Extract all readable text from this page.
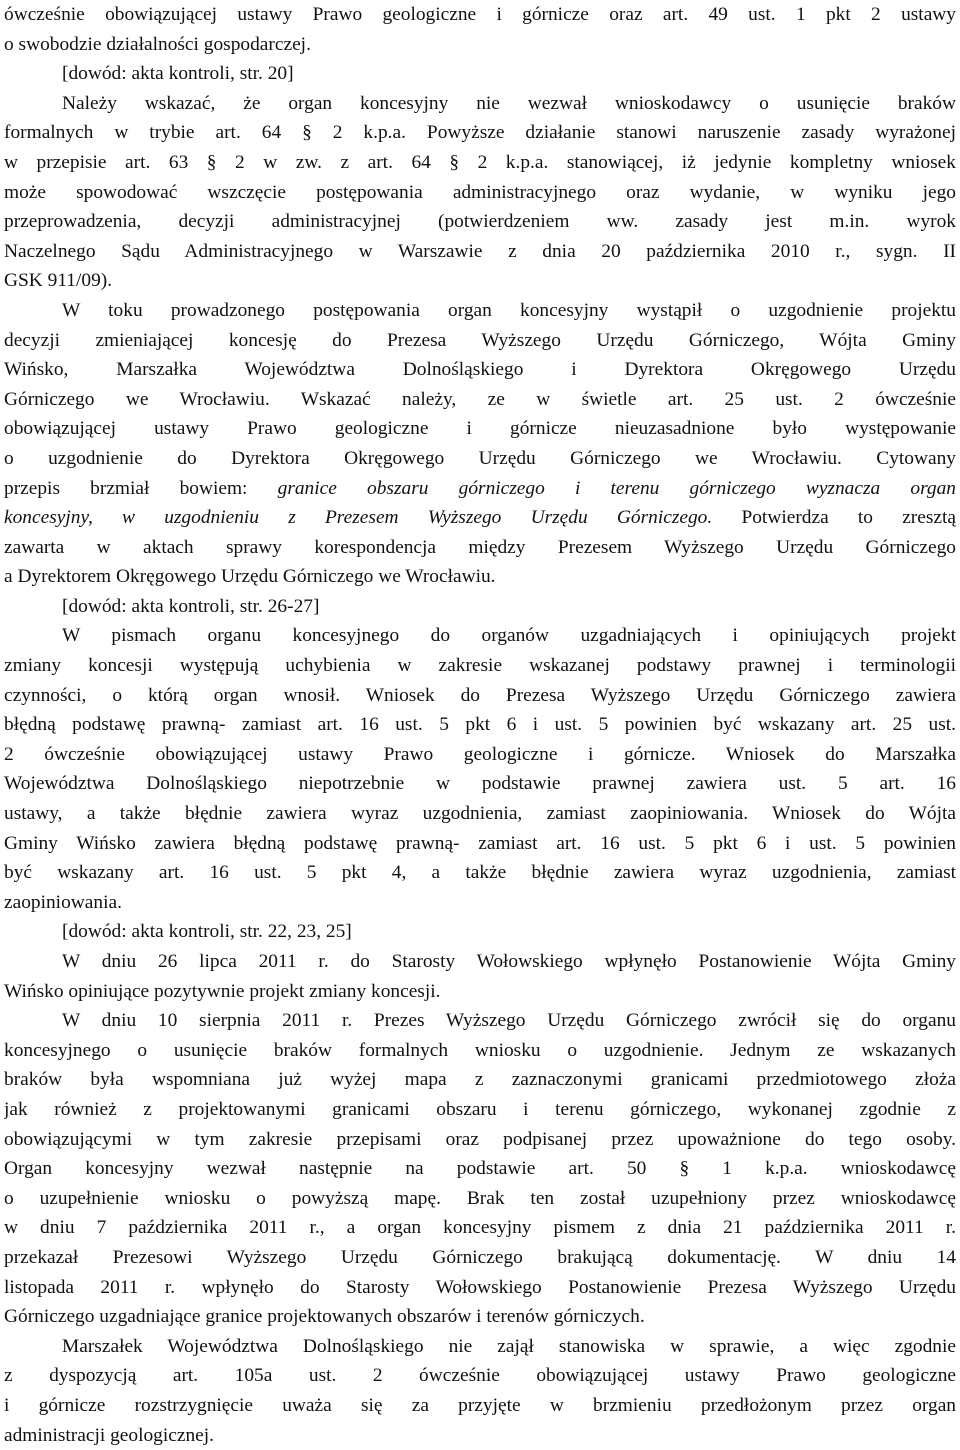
ówcześnie obowiązującej ustawy Prawo geologiczne i górnicze oraz art. 49 ust. 1 pkt 2 ustawy
o swobodzie działalności gospodarczej.
[dowód: akta kontroli, str. 20]
Należy wskazać, że organ koncesyjny nie wezwał wnioskodawcy o usunięcie braków
formalnych w trybie art. 64 § 2 k.p.a. Powyższe działanie stanowi naruszenie zasady wyrażonej
w przepisie art. 63 § 2 w zw. z art. 64 § 2 k.p.a. stanowiącej, iż jedynie kompletny wniosek
może spowodować wszczęcie postępowania administracyjnego oraz wydanie, w wyniku jego
przeprowadzenia, decyzji administracyjnej (potwierdzeniem ww. zasady jest m.in. wyrok
Naczelnego Sądu Administracyjnego w Warszawie z dnia 20 października 2010 r., sygn. II
GSK 911/09).
W toku prowadzonego postępowania organ koncesyjny wystąpił o uzgodnienie projektu
decyzji zmieniającej koncesję do Prezesa Wyższego Urzędu Górniczego, Wójta Gminy
Wińsko, Marszałka Województwa Dolnośląskiego i Dyrektora Okręgowego Urzędu
Górniczego we Wrocławiu. Wskazać należy, ze w świetle art. 25 ust. 2 ówcześnie
obowiązującej ustawy Prawo geologiczne i górnicze nieuzasadnione było występowanie
o uzgodnienie do Dyrektora Okręgowego Urzędu Górniczego we Wrocławiu. Cytowany
przepis brzmiał bowiem: granice obszaru górniczego i terenu górniczego wyznacza organ
koncesyjny, w uzgodnieniu z Prezesem Wyższego Urzędu Górniczego. Potwierdza to zresztą
zawarta w aktach sprawy korespondencja między Prezesem Wyższego Urzędu Górniczego
a Dyrektorem Okręgowego Urzędu Górniczego we Wrocławiu.
[dowód: akta kontroli, str. 26-27]
W pismach organu koncesyjnego do organów uzgadniających i opiniujących projekt
zmiany koncesji występują uchybienia w zakresie wskazanej podstawy prawnej i terminologii
czynności, o którą organ wnosił. Wniosek do Prezesa Wyższego Urzędu Górniczego zawiera
błędną podstawę prawną- zamiast art. 16 ust. 5 pkt 6 i ust. 5 powinien być wskazany art. 25 ust.
2 ówcześnie obowiązującej ustawy Prawo geologiczne i górnicze. Wniosek do Marszałka
Województwa Dolnośląskiego niepotrzebnie w podstawie prawnej zawiera ust. 5 art. 16
ustawy, a także błędnie zawiera wyraz uzgodnienia, zamiast zaopiniowania. Wniosek do Wójta
Gminy Wińsko zawiera błędną podstawę prawną- zamiast art. 16 ust. 5 pkt 6 i ust. 5 powinien
być wskazany art. 16 ust. 5 pkt 4, a także błędnie zawiera wyraz uzgodnienia, zamiast
zaopiniowania.
[dowód: akta kontroli, str. 22, 23, 25]
W dniu 26 lipca 2011 r. do Starosty Wołowskiego wpłynęło Postanowienie Wójta Gminy
Wińsko opiniujące pozytywnie projekt zmiany koncesji.
W dniu 10 sierpnia 2011 r. Prezes Wyższego Urzędu Górniczego zwrócił się do organu
koncesyjnego o usunięcie braków formalnych wniosku o uzgodnienie. Jednym ze wskazanych
braków była wspomniana już wyżej mapa z zaznaczonymi granicami przedmiotowego złoża
jak również z projektowanymi granicami obszaru i terenu górniczego, wykonanej zgodnie z
obowiązującymi w tym zakresie przepisami oraz podpisanej przez upoważnione do tego osoby.
Organ koncesyjny wezwał następnie na podstawie art. 50 § 1 k.p.a. wnioskodawcę
o uzupełnienie wniosku o powyższą mapę. Brak ten został uzupełniony przez wnioskodawcę
w dniu 7 października 2011 r., a organ koncesyjny pismem z dnia 21 października 2011 r.
przekazał Prezesowi Wyższego Urzędu Górniczego brakującą dokumentację. W dniu 14
listopada 2011 r. wpłynęło do Starosty Wołowskiego Postanowienie Prezesa Wyższego Urzędu
Górniczego uzgadniające granice projektowanych obszarów i terenów górniczych.
Marszałek Województwa Dolnośląskiego nie zajął stanowiska w sprawie, a więc zgodnie
z dyspozycją art. 105a ust. 2 ówcześnie obowiązującej ustawy Prawo geologiczne
i górnicze rozstrzygnięcie uważa się za przyjęte w brzmieniu przedłożonym przez organ
administracji geologicznej.
